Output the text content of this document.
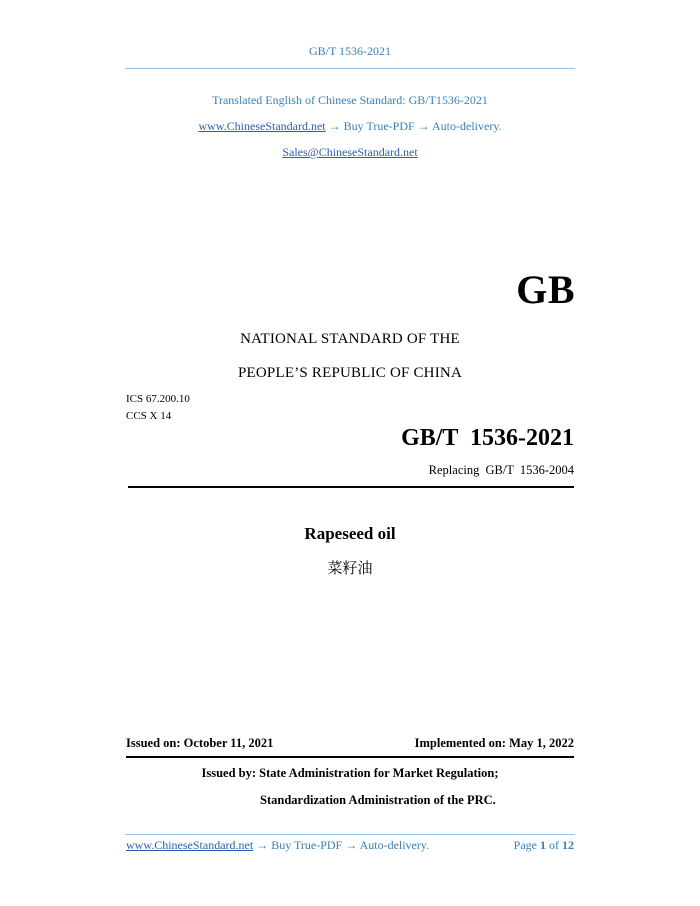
GB/T 1536-2021
Translated English of Chinese Standard: GB/T1536-2021
www.ChineseStandard.net → Buy True-PDF → Auto-delivery.
Sales@ChineseStandard.net
GB
NATIONAL STANDARD OF THE
PEOPLE’S REPUBLIC OF CHINA
ICS 67.200.10
CCS X 14
GB/T 1536-2021
Replacing GB/T 1536-2004
Rapeseed oil
菜籽油
Issued on: October 11, 2021	Implemented on: May 1, 2022
Issued by: State Administration for Market Regulation;
Standardization Administration of the PRC.
www.ChineseStandard.net → Buy True-PDF → Auto-delivery.	Page 1 of 12
